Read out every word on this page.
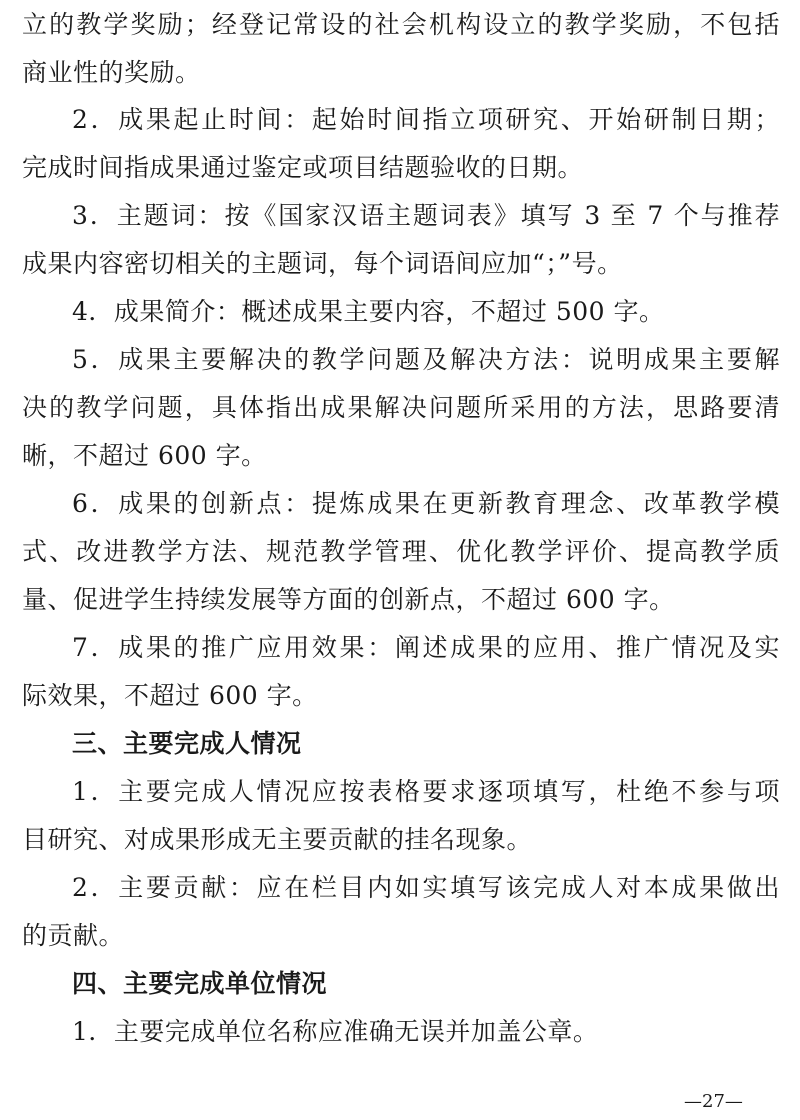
立的教学奖励；经登记常设的社会机构设立的教学奖励，不包括
商业性的奖励。
2．成果起止时间：起始时间指立项研究、开始研制日期；
完成时间指成果通过鉴定或项目结题验收的日期。
3．主题词：按《国家汉语主题词表》填写 3 至 7 个与推荐
成果内容密切相关的主题词，每个词语间应加“；”号。
4．成果简介：概述成果主要内容，不超过 500 字。
5．成果主要解决的教学问题及解决方法：说明成果主要解
决的教学问题，具体指出成果解决问题所采用的方法，思路要清
晰，不超过 600 字。
6．成果的创新点：提炼成果在更新教育理念、改革教学模
式、改进教学方法、规范教学管理、优化教学评价、提高教学质
量、促进学生持续发展等方面的创新点，不超过 600 字。
7．成果的推广应用效果：阐述成果的应用、推广情况及实
际效果，不超过 600 字。
三、主要完成人情况
1．主要完成人情况应按表格要求逐项填写，杜绝不参与项
目研究、对成果形成无主要贡献的挂名现象。
2．主要贡献：应在栏目内如实填写该完成人对本成果做出
的贡献。
四、主要完成单位情况
1．主要完成单位名称应准确无误并加盖公章。
—27—
